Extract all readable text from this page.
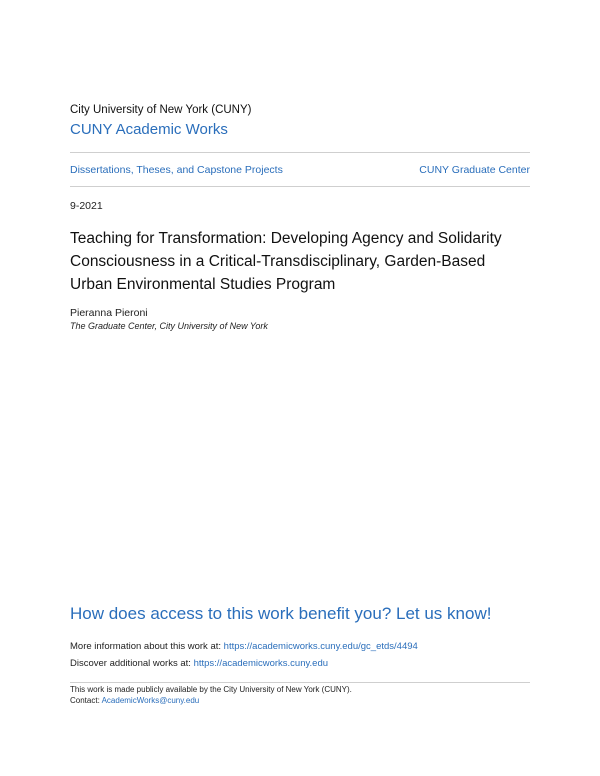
City University of New York (CUNY)
CUNY Academic Works
Dissertations, Theses, and Capstone Projects	CUNY Graduate Center
9-2021
Teaching for Transformation: Developing Agency and Solidarity Consciousness in a Critical-Transdisciplinary, Garden-Based Urban Environmental Studies Program
Pieranna Pieroni
The Graduate Center, City University of New York
How does access to this work benefit you? Let us know!
More information about this work at: https://academicworks.cuny.edu/gc_etds/4494
Discover additional works at: https://academicworks.cuny.edu
This work is made publicly available by the City University of New York (CUNY).
Contact: AcademicWorks@cuny.edu
